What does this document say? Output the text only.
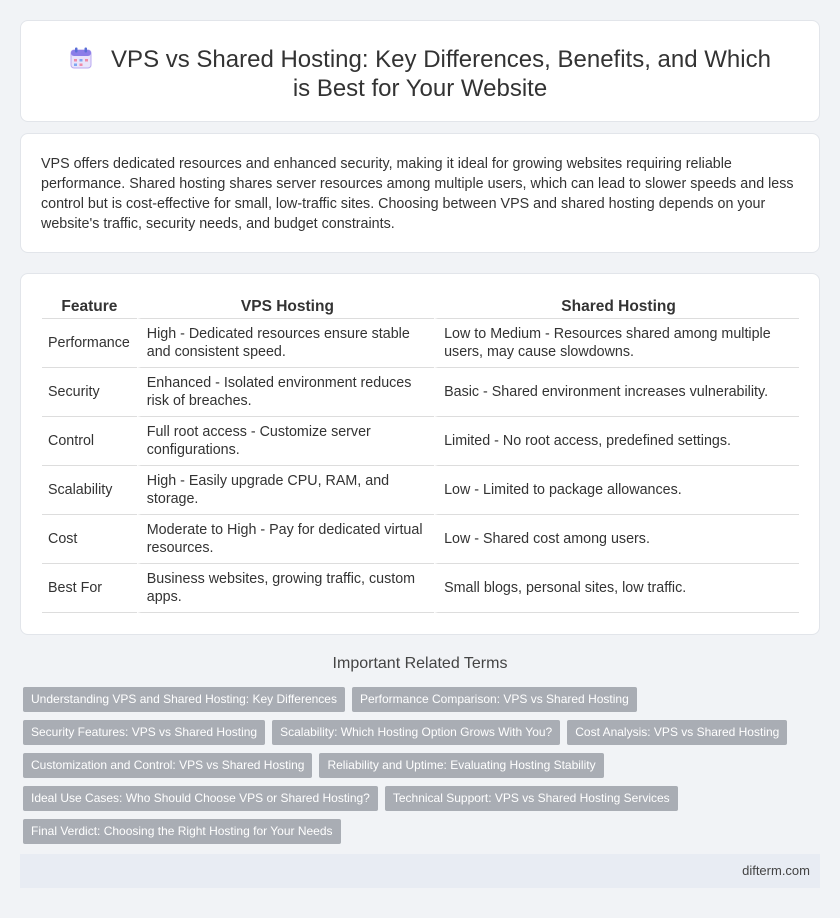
VPS vs Shared Hosting: Key Differences, Benefits, and Which is Best for Your Website

VPS offers dedicated resources and enhanced security, making it ideal for growing websites requiring reliable performance. Shared hosting shares server resources among multiple users, which can lead to slower speeds and less control but is cost-effective for small, low-traffic sites. Choosing between VPS and shared hosting depends on your website's traffic, security needs, and budget constraints.

Feature	VPS Hosting	Shared Hosting
Performance	High - Dedicated resources ensure stable and consistent speed.	Low to Medium - Resources shared among multiple users, may cause slowdowns.
Security	Enhanced - Isolated environment reduces risk of breaches.	Basic - Shared environment increases vulnerability.
Control	Full root access - Customize server configurations.	Limited - No root access, predefined settings.
Scalability	High - Easily upgrade CPU, RAM, and storage.	Low - Limited to package allowances.
Cost	Moderate to High - Pay for dedicated virtual resources.	Low - Shared cost among users.
Best For	Business websites, growing traffic, custom apps.	Small blogs, personal sites, low traffic.
Important Related Terms
Understanding VPS and Shared Hosting: Key Differences	Performance Comparison: VPS vs Shared Hosting
Security Features: VPS vs Shared Hosting	Scalability: Which Hosting Option Grows With You?	Cost Analysis: VPS vs Shared Hosting
Customization and Control: VPS vs Shared Hosting	Reliability and Uptime: Evaluating Hosting Stability
Ideal Use Cases: Who Should Choose VPS or Shared Hosting?	Technical Support: VPS vs Shared Hosting Services
Final Verdict: Choosing the Right Hosting for Your Needs
difterm.com
